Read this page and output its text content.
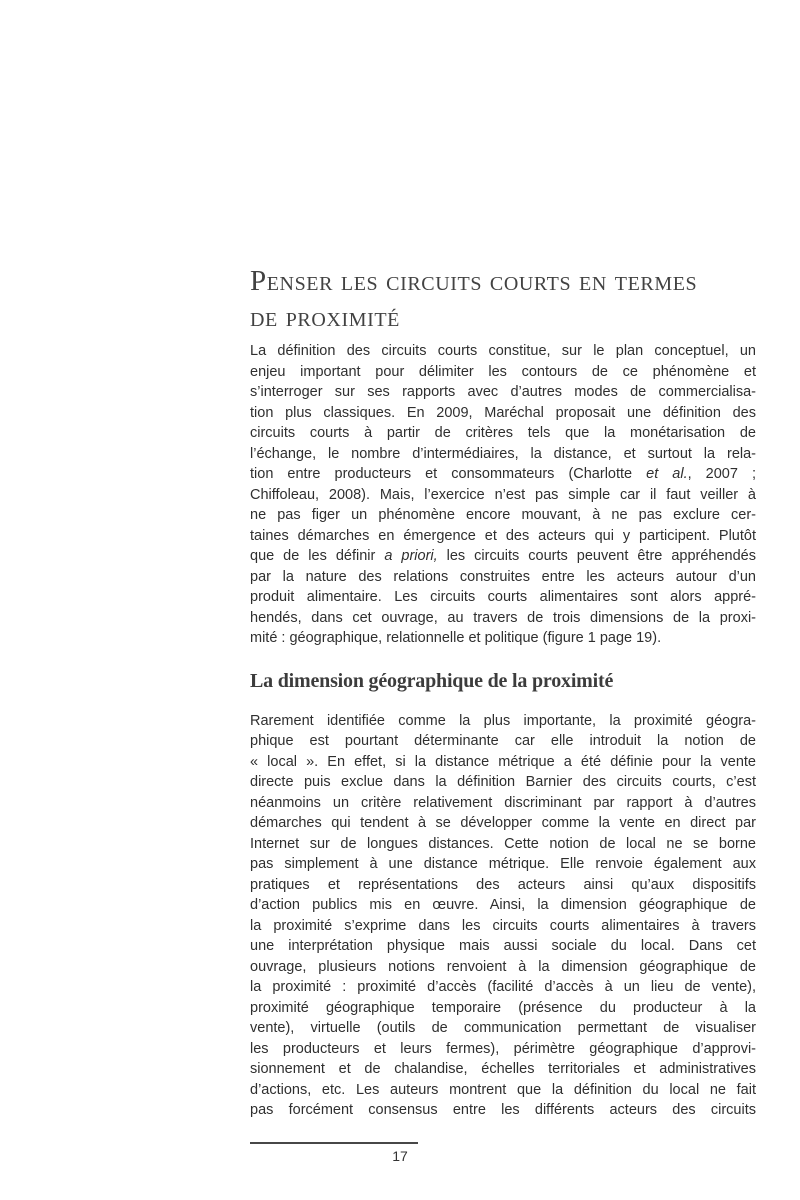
Penser les circuits courts en termes
de proximité

La définition des circuits courts constitue, sur le plan conceptuel, un
enjeu important pour délimiter les contours de ce phénomène et
s’interroger sur ses rapports avec d’autres modes de commercialisa-
tion plus classiques. En 2009, Maréchal proposait une définition des
circuits courts à partir de critères tels que la monétarisation de
l’échange, le nombre d’intermédiaires, la distance, et surtout la rela-
tion entre producteurs et consommateurs (Charlotte et al., 2007 ;
Chiffoleau, 2008). Mais, l’exercice n’est pas simple car il faut veiller à
ne pas figer un phénomène encore mouvant, à ne pas exclure cer-
taines démarches en émergence et des acteurs qui y participent. Plutôt
que de les définir a priori, les circuits courts peuvent être appréhendés
par la nature des relations construites entre les acteurs autour d’un
produit alimentaire. Les circuits courts alimentaires sont alors appré-
hendés, dans cet ouvrage, au travers de trois dimensions de la proxi-
mité : géographique, relationnelle et politique (figure 1 page 19).

La dimension géographique de la proximité

Rarement identifiée comme la plus importante, la proximité géogra-
phique est pourtant déterminante car elle introduit la notion de
« local ». En effet, si la distance métrique a été définie pour la vente
directe puis exclue dans la définition Barnier des circuits courts, c’est
néanmoins un critère relativement discriminant par rapport à d’autres
démarches qui tendent à se développer comme la vente en direct par
Internet sur de longues distances. Cette notion de local ne se borne
pas simplement à une distance métrique. Elle renvoie également aux
pratiques et représentations des acteurs ainsi qu’aux dispositifs
d’action publics mis en œuvre. Ainsi, la dimension géographique de
la proximité s’exprime dans les circuits courts alimentaires à travers
une interprétation physique mais aussi sociale du local. Dans cet
ouvrage, plusieurs notions renvoient à la dimension géographique de
la proximité : proximité d’accès (facilité d’accès à un lieu de vente),
proximité géographique temporaire (présence du producteur à la
vente), virtuelle (outils de communication permettant de visualiser
les producteurs et leurs fermes), périmètre géographique d’approvi-
sionnement et de chalandise, échelles territoriales et administratives
d’actions, etc. Les auteurs montrent que la définition du local ne fait
pas forcément consensus entre les différents acteurs des circuits

17
